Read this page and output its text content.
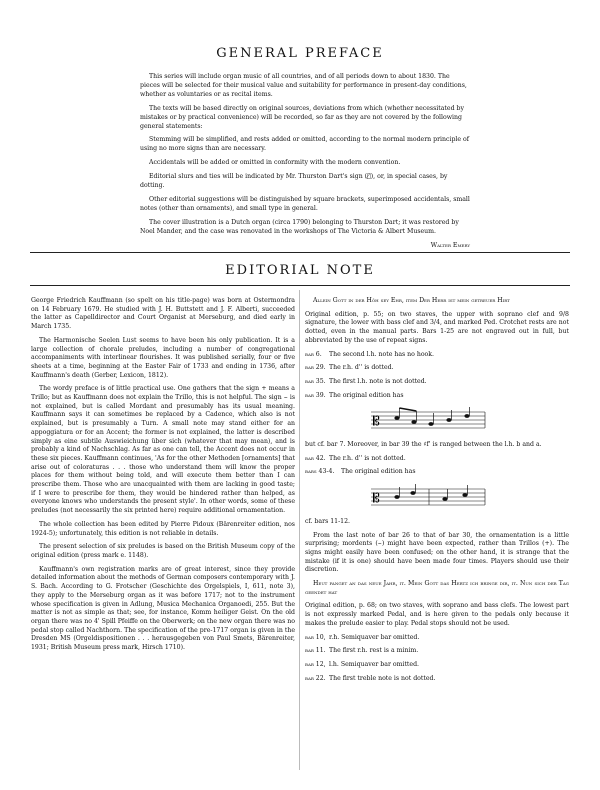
GENERAL PREFACE

This series will include organ music of all countries, and of all periods down to about 1830. The pieces will be selected for their musical value and suitability for performance in present-day conditions, whether as voluntaries or as recital items.

The texts will be based directly on original sources, deviations from which (whether necessitated by mistakes or by practical convenience) will be recorded, so far as they are not covered by the following general statements:

Stemming will be simplified, and rests added or omitted, according to the normal modern principle of using no more signs than are necessary.

Accidentals will be added or omitted in conformity with the modern convention.

Editorial slurs and ties will be indicated by Mr. Thurston Dart's sign (⌒̸), or, in special cases, by dotting.

Other editorial suggestions will be distinguished by square brackets, superimposed accidentals, small notes (other than ornaments), and small type in general.

The cover illustration is a Dutch organ (circa 1790) belonging to Thurston Dart; it was restored by Noel Mander, and the case was renovated in the workshops of The Victoria & Albert Museum.

Walter Emery

EDITORIAL NOTE

George Friedrich Kauffmann (so spelt on his title-page) was born at Ostermondra on 14 February 1679. He studied with J. H. Buttstett and J. F. Alberti, succeeded the latter as Capelldirector and Court Organist at Merseburg, and died early in March 1735.

The Harmonische Seelen Lust seems to have been his only publication. It is a large collection of chorale preludes, including a number of congregational accompaniments with interlinear flourishes. It was published serially, four or five sheets at a time, beginning at the Easter Fair of 1733 and ending in 1736, after Kauffmann's death (Gerber, Lexicon, 1812).

The wordy preface is of little practical use. One gathers that the sign + means a Trillo; but as Kauffmann does not explain the Trillo, this is not helpful. The sign ⌣ is not explained, but is called Mordant and presumably has its usual meaning. Kauffmann says it can sometimes be replaced by a Cadence, which also is not explained, but is presumably a Turn. A small note may stand either for an appoggiatura or for an Accent; the former is not explained, the latter is described simply as eine subtile Auswieichung über sich (whatever that may mean), and is probably a kind of Nachschlag. As far as one can tell, the Accent does not occur in these six pieces. Kauffmann continues, 'As for the other Methoden [ornaments] that arise out of coloraturas . . . those who understand them will know the proper places for them without being told, and will execute them better than I can prescribe them. Those who are unacquainted with them are lacking in good taste; if I were to prescribe for them, they would be hindered rather than helped, as everyone knows who understands the present style'. In other words, some of these preludes (not necessarily the six printed here) require additional ornamentation.

The whole collection has been edited by Pierre Pidoux (Bärenreiter edition, nos 1924-5); unfortunately, this edition is not reliable in details.

The present selection of six preludes is based on the British Museum copy of the original edition (press mark e. 1148).

Kauffmann's own registration marks are of great interest, since they provide detailed information about the methods of German composers contemporary with J. S. Bach. According to G. Frotscher (Geschichte des Orgelspiels, I, 611, note 3), they apply to the Merseburg organ as it was before 1717; not to the instrument whose specification is given in Adlung, Musica Mechanica Organoedi, 255. But the matter is not as simple as that; see, for instance, Komm heiliger Geist. On the old organ there was no 4' Spill Pfeiffe on the Oberwerk; on the new organ there was no pedal stop called Nachthorn. The specification of the pre-1717 organ is given in the Dresden MS (Orgeldispositionen . . . herausgegeben von Paul Smets, Bärenreiter, 1931; British Museum press mark, Hirsch 1710).

Allein Gott in der Höh sey Ehr, item Der Herr ist mein getreuer Hirt

Original edition, p. 55; on two staves, the upper with soprano clef and 9/8 signature, the lower with bass clef and 3/4, and marked Ped. Crotchet rests are not dotted, even in the manual parts. Bars 1-25 are not engraved out in full, but abbreviated by the use of repeat signs.

bar 6. The second l.h. note has no hook.

bar 29. The r.h. d'' is dotted.

bar 35. The first l.h. note is not dotted.

bar 39. The original edition has

𝄡

but cf. bar 7. Moreover, in bar 39 the ♯f' is ranged between the l.h. b and a.

bar 42. The r.h. d'' is not dotted.

bars 43-4. The original edition has

𝄡

cf. bars 11-12.

From the last note of bar 26 to that of bar 30, the ornamentation is a little surprising; mordents (⌣) might have been expected, rather than Trillos (+). The signs might easily have been confused; on the other hand, it is strange that the mistake (if it is one) should have been made four times. Players should use their discretion.

Heut fanget an das neue Jahr, it. Mein Gott das Hertz ich bringe dir, it. Nun sich der Tag geendet hat

Original edition, p. 68; on two staves, with soprano and bass clefs. The lowest part is not expressly marked Pedal, and is here given to the pedals only because it makes the prelude easier to play. Pedal stops should not be used.

bar 10, r.h. Semiquaver bar omitted.

bar 11. The first r.h. rest is a minim.

bar 12, l.h. Semiquaver bar omitted.

bar 22. The first treble note is not dotted.
